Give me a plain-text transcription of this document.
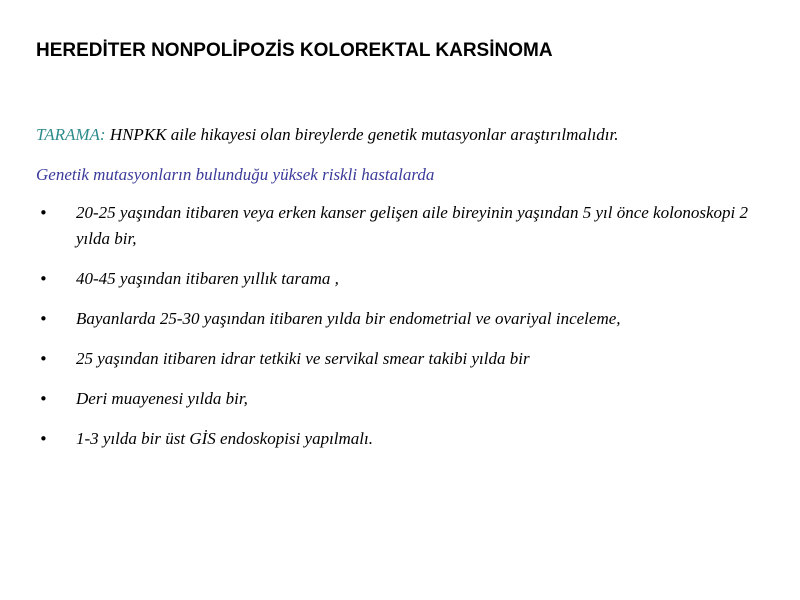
HEREDİTER NONPOLİPOZİS KOLOREKTAL KARSİNOMA

TARAMA: HNPKK aile hikayesi olan bireylerde genetik mutasyonlar araştırılmalıdır.

Genetik mutasyonların bulunduğu yüksek riskli hastalarda

• 20-25 yaşından itibaren veya erken kanser gelişen aile bireyinin yaşından 5 yıl önce kolonoskopi 2 yılda bir,
• 40-45 yaşından itibaren yıllık tarama ,
• Bayanlarda 25-30 yaşından itibaren yılda bir endometrial ve ovariyal inceleme,
• 25 yaşından itibaren idrar tetkiki ve servikal smear takibi yılda bir
• Deri muayenesi yılda bir,
• 1-3 yılda bir üst GİS endoskopisi yapılmalı.
